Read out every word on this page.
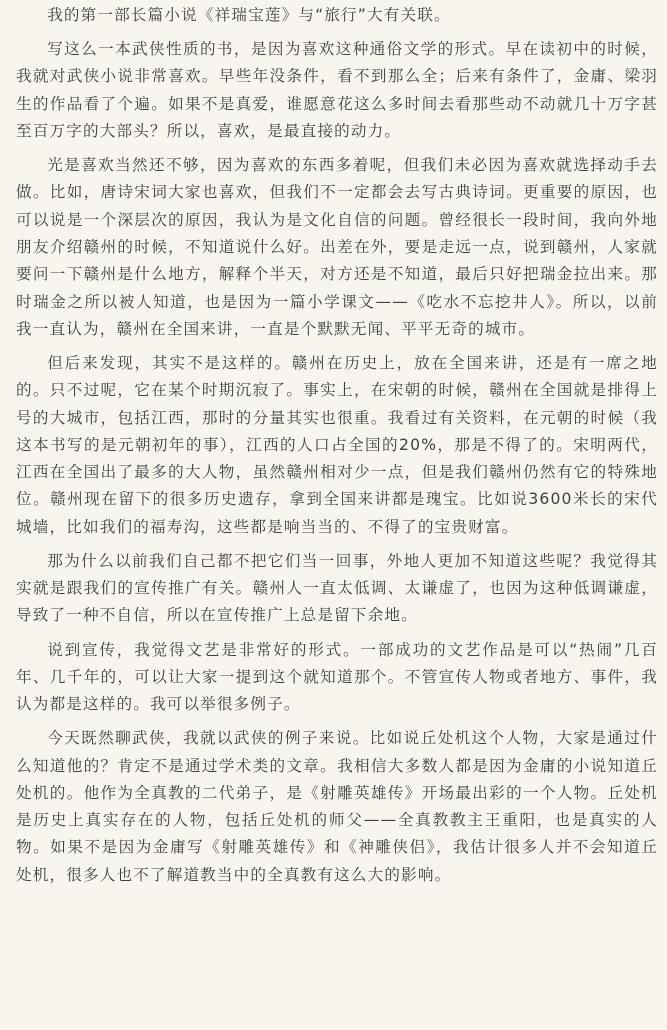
我的第一部长篇小说《祥瑞宝莲》与“旅行”大有关联。

写这么一本武侠性质的书，是因为喜欢这种通俗文学的形式。早在读初中的时候，我就对武侠小说非常喜欢。早些年没条件，看不到那么全；后来有条件了，金庸、梁羽生的作品看了个遍。如果不是真爱，谁愿意花这么多时间去看那些动不动就几十万字甚至百万字的大部头？所以，喜欢，是最直接的动力。

光是喜欢当然还不够，因为喜欢的东西多着呢，但我们未必因为喜欢就选择动手去做。比如，唐诗宋词大家也喜欢，但我们不一定都会去写古典诗词。更重要的原因，也可以说是一个深层次的原因，我认为是文化自信的问题。曾经很长一段时间，我向外地朋友介绍赣州的时候，不知道说什么好。出差在外，要是走远一点，说到赣州，人家就要问一下赣州是什么地方，解释个半天，对方还是不知道，最后只好把瑞金拉出来。那时瑞金之所以被人知道，也是因为一篇小学课文——《吃水不忘挖井人》。所以，以前我一直认为，赣州在全国来讲，一直是个默默无闻、平平无奇的城市。

但后来发现，其实不是这样的。赣州在历史上，放在全国来讲，还是有一席之地的。只不过呢，它在某个时期沉寂了。事实上，在宋朝的时候，赣州在全国就是排得上号的大城市，包括江西，那时的分量其实也很重。我看过有关资料，在元朝的时候（我这本书写的是元朝初年的事），江西的人口占全国的20%，那是不得了的。宋明两代，江西在全国出了最多的大人物，虽然赣州相对少一点，但是我们赣州仍然有它的特殊地位。赣州现在留下的很多历史遗存，拿到全国来讲都是瑰宝。比如说3600米长的宋代城墙，比如我们的福寿沟，这些都是响当当的、不得了的宝贵财富。

那为什么以前我们自己都不把它们当一回事，外地人更加不知道这些呢？我觉得其实就是跟我们的宣传推广有关。赣州人一直太低调、太谦虚了，也因为这种低调谦虚，导致了一种不自信，所以在宣传推广上总是留下余地。

说到宣传，我觉得文艺是非常好的形式。一部成功的文艺作品是可以“热闹”几百年、几千年的，可以让大家一提到这个就知道那个。不管宣传人物或者地方、事件，我认为都是这样的。我可以举很多例子。

今天既然聊武侠，我就以武侠的例子来说。比如说丘处机这个人物，大家是通过什么知道他的？肯定不是通过学术类的文章。我相信大多数人都是因为金庸的小说知道丘处机的。他作为全真教的二代弟子，是《射雕英雄传》开场最出彩的一个人物。丘处机是历史上真实存在的人物，包括丘处机的师父——全真教教主王重阳，也是真实的人物。如果不是因为金庸写《射雕英雄传》和《神雕侠侣》，我估计很多人并不会知道丘处机，很多人也不了解道教当中的全真教有这么大的影响。
